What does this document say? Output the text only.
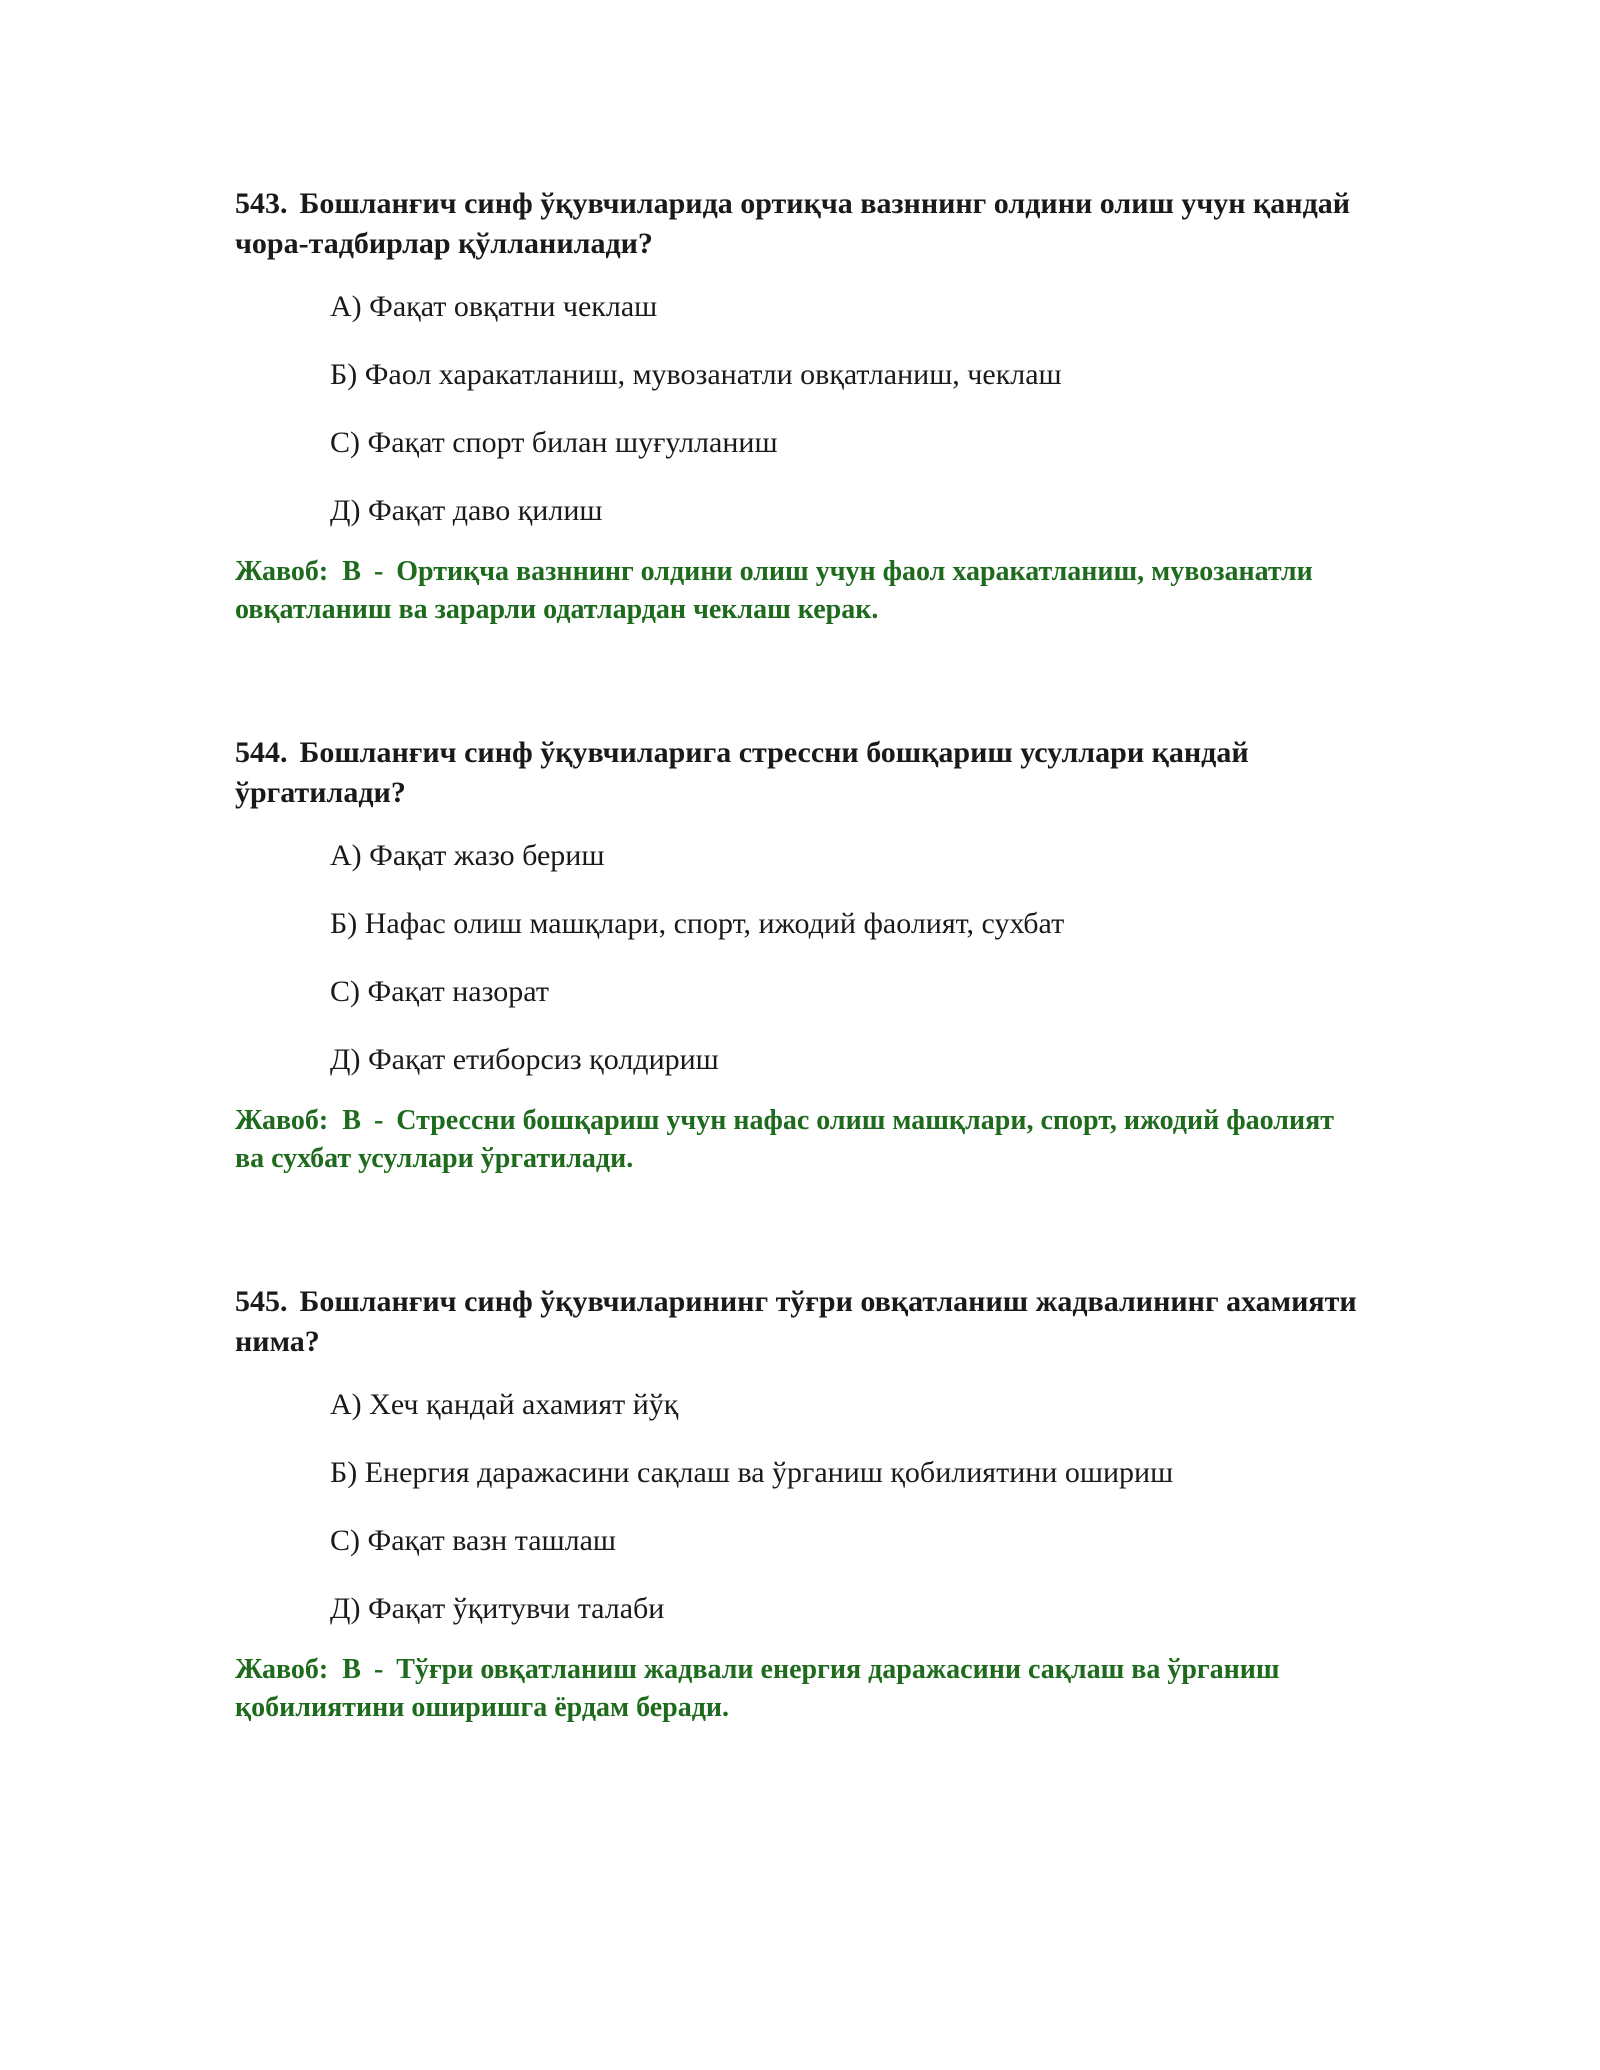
543. Бошланғич синф ўқувчиларида ортиқча вазннинг олдини олиш учун қандай чора-тадбирлар қўлланилади?

А) Фақат овқатни чеклаш
Б) Фаол харакатланиш, мувозанатли овқатланиш, чеклаш
С) Фақат спорт билан шуғулланиш
Д) Фақат даво қилиш
Жавоб: В - Ортиқча вазннинг олдини олиш учун фаол харакатланиш, мувозанатли овқатланиш ва зарарли одатлардан чеклаш керак.

544. Бошланғич синф ўқувчиларига стрессни бошқариш усуллари қандай ўргатилади?

А) Фақат жазо бериш
Б) Нафас олиш машқлари, спорт, ижодий фаолият, сухбат
С) Фақат назорат
Д) Фақат етиборсиз қолдириш
Жавоб: В - Стрессни бошқариш учун нафас олиш машқлари, спорт, ижодий фаолият ва сухбат усуллари ўргатилади.

545. Бошланғич синф ўқувчиларининг тўғри овқатланиш жадвалининг ахамияти нима?

А) Хеч қандай ахамият йўқ
Б) Енергия даражасини сақлаш ва ўрганиш қобилиятини ошириш
С) Фақат вазн ташлаш
Д) Фақат ўқитувчи талаби
Жавоб: В - Тўғри овқатланиш жадвали енергия даражасини сақлаш ва ўрганиш қобилиятини оширишга ёрдам беради.
